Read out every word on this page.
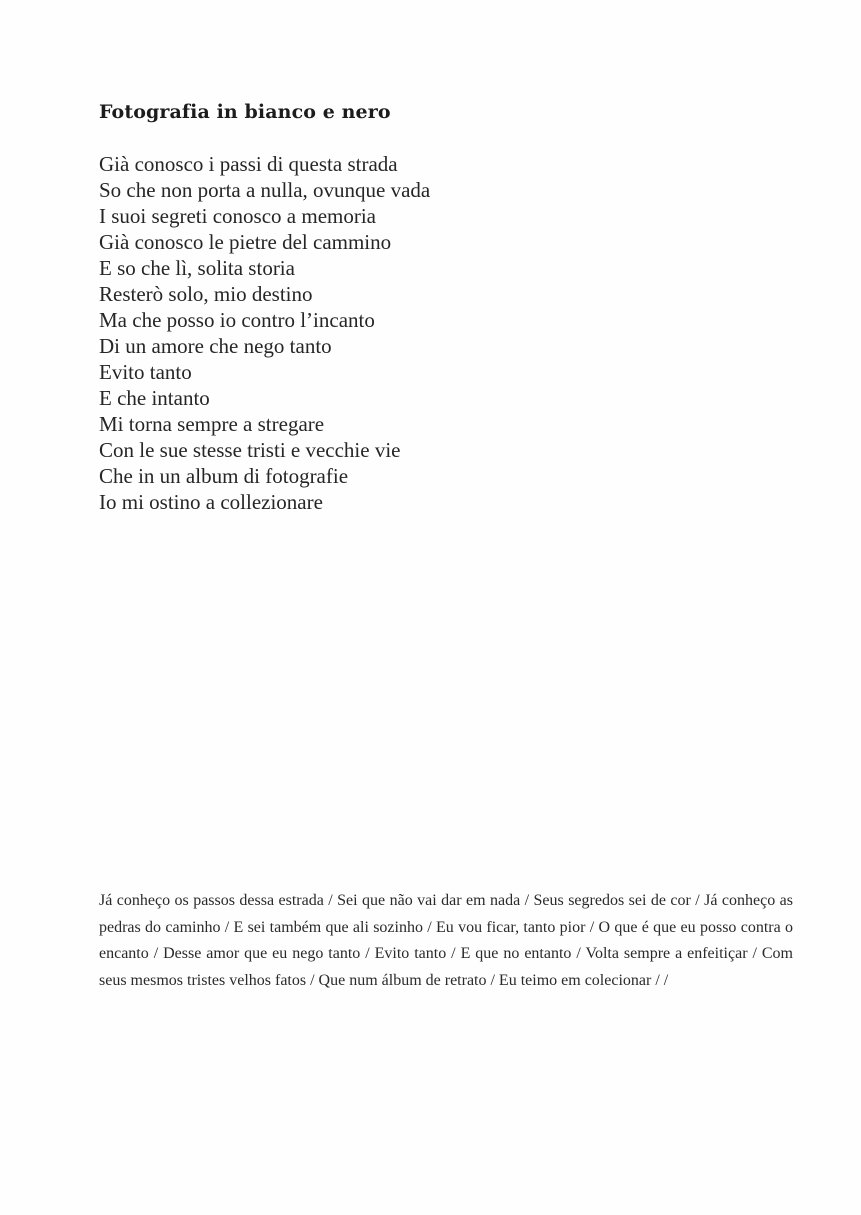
Fotografia in bianco e nero
Già conosco i passi di questa strada
So che non porta a nulla, ovunque vada
I suoi segreti conosco a memoria
Già conosco le pietre del cammino
E so che lì, solita storia
Resterò solo, mio destino
Ma che posso io contro l’incanto
Di un amore che nego tanto
Evito tanto
E che intanto
Mi torna sempre a stregare
Con le sue stesse tristi e vecchie vie
Che in un album di fotografie
Io mi ostino a collezionare

Já conheço os passos dessa estrada / Sei que não vai dar em nada / Seus segredos sei de cor / Já conheço as pedras do caminho / E sei também que ali sozinho / Eu vou ficar, tanto pior / O que é que eu posso contra o encanto / Desse amor que eu nego tanto / Evito tanto / E que no entanto / Volta sempre a enfeitiçar / Com seus mesmos tristes velhos fatos / Que num álbum de retrato / Eu teimo em colecionar / /
